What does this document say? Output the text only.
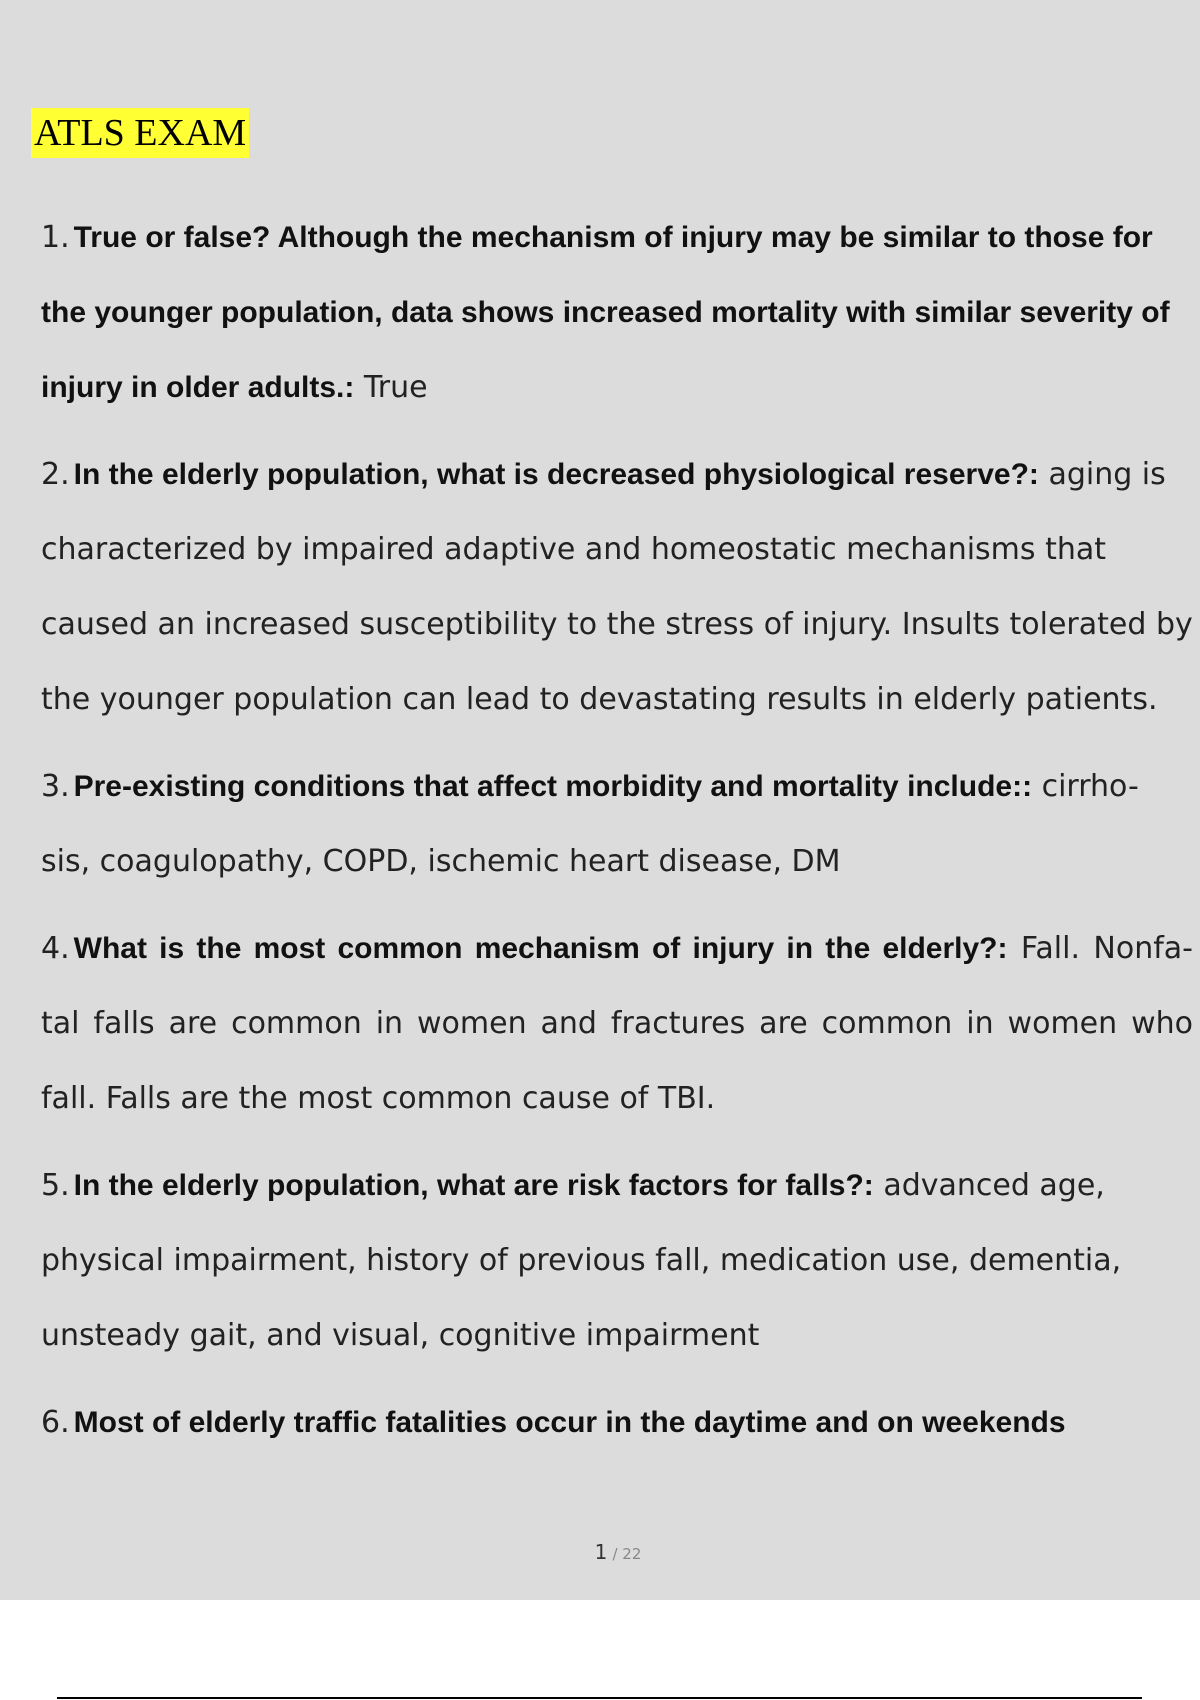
ATLS EXAM

1. True or false? Although the mechanism of injury may be similar to those for the younger population, data shows increased mortality with similar severity of injury in older adults.: True

2. In the elderly population, what is decreased physiological reserve?: aging is characterized by impaired adaptive and homeostatic mechanisms that caused an increased susceptibility to the stress of injury. Insults tolerated by the younger population can lead to devastating results in elderly patients.

3. Pre-existing conditions that affect morbidity and mortality include:: cirrho- sis, coagulopathy, COPD, ischemic heart disease, DM

4. What is the most common mechanism of injury in the elderly?: Fall. Nonfa- tal falls are common in women and fractures are common in women who fall. Falls are the most common cause of TBI.

5. In the elderly population, what are risk factors for falls?: advanced age, physical impairment, history of previous fall, medication use, dementia, unsteady gait, and visual, cognitive impairment

6. Most of elderly traffic fatalities occur in the daytime and on weekends

1 / 22
